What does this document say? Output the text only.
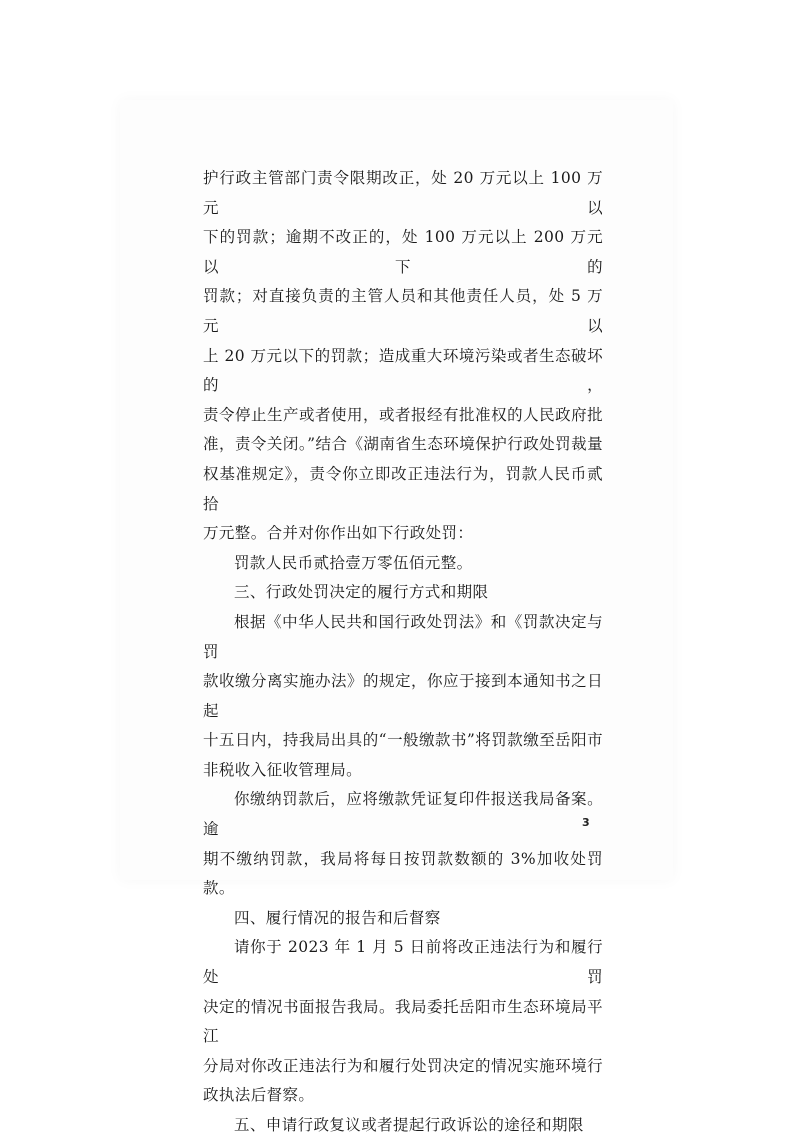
护行政主管部门责令限期改正，处 20 万元以上 100 万元以

下的罚款；逾期不改正的，处 100 万元以上 200 万元以下的

罚款；对直接负责的主管人员和其他责任人员，处 5 万元以

上 20 万元以下的罚款；造成重大环境污染或者生态破坏的，

责令停止生产或者使用，或者报经有批准权的人民政府批

准，责令关闭。”结合《湖南省生态环境保护行政处罚裁量

权基准规定》，责令你立即改正违法行为，罚款人民币贰拾

万元整。合并对你作出如下行政处罚：

罚款人民币贰拾壹万零伍佰元整。

三、行政处罚决定的履行方式和期限

根据《中华人民共和国行政处罚法》和《罚款决定与罚

款收缴分离实施办法》的规定，你应于接到本通知书之日起

十五日内，持我局出具的“一般缴款书”将罚款缴至岳阳市

非税收入征收管理局。

你缴纳罚款后，应将缴款凭证复印件报送我局备案。逾

期不缴纳罚款，我局将每日按罚款数额的 3%加收处罚款。

四、履行情况的报告和后督察

请你于 2023 年 1 月 5 日前将改正违法行为和履行处罚

决定的情况书面报告我局。我局委托岳阳市生态环境局平江

分局对你改正违法行为和履行处罚决定的情况实施环境行

政执法后督察。

五、申请行政复议或者提起行政诉讼的途径和期限

3
